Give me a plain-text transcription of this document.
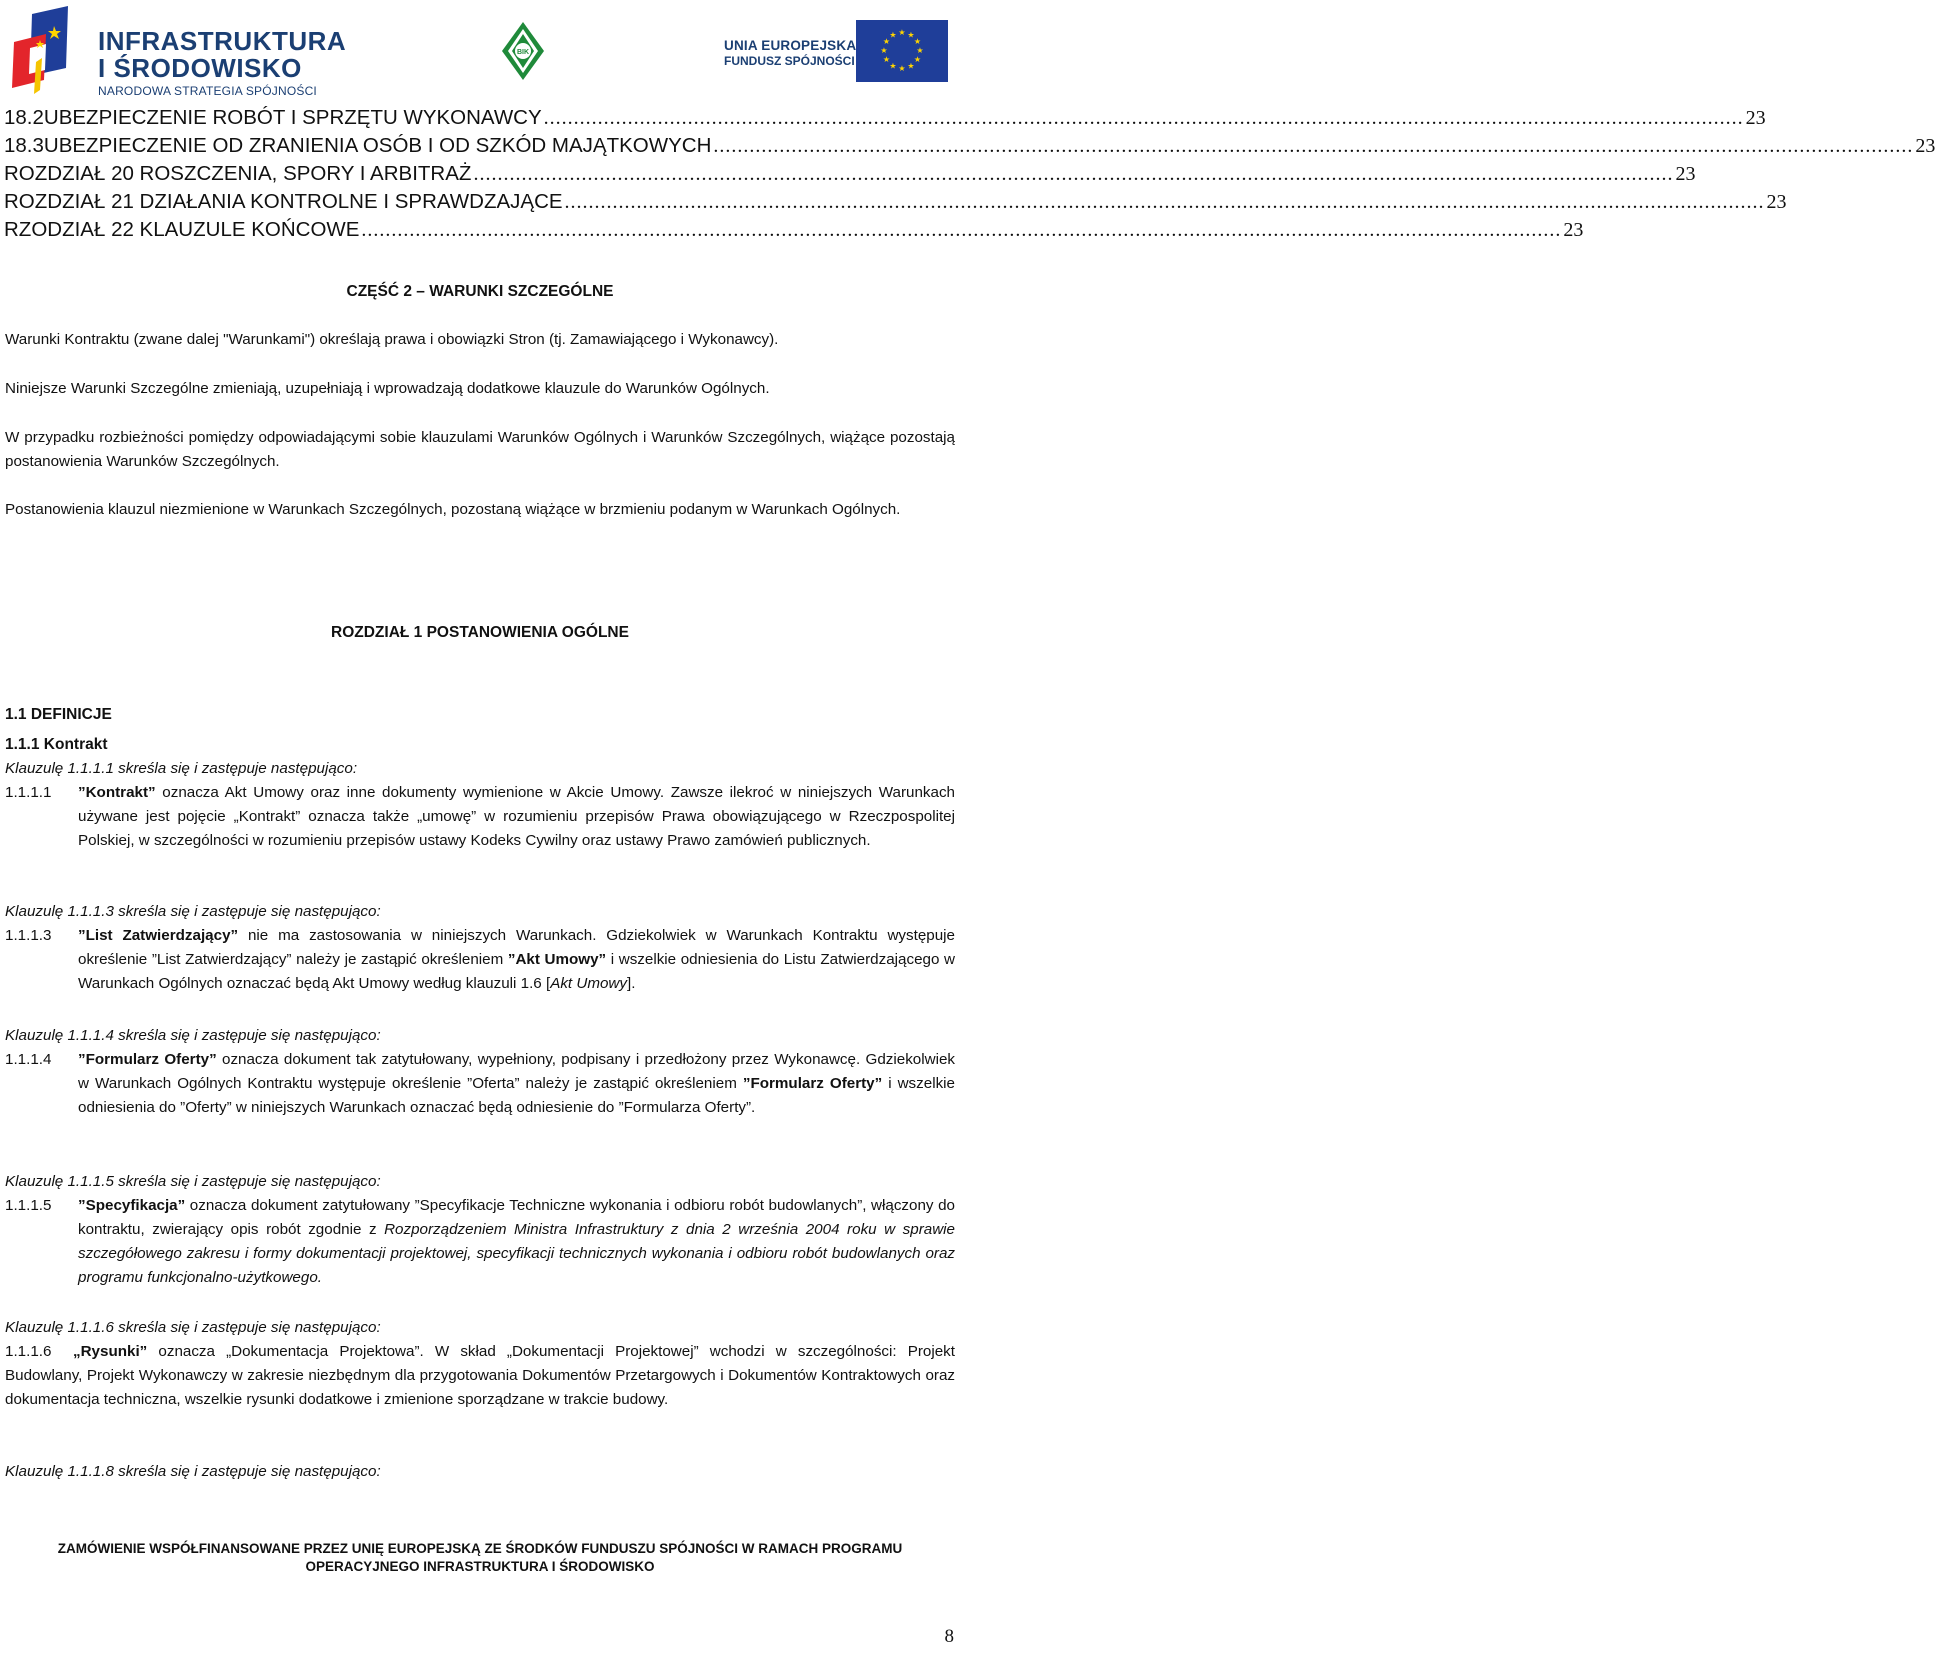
INFRASTRUKTURA
I ŚRODOWISKO
NARODOWA STRATEGIA SPÓJNOŚCI
BIK	UNIA EUROPEJSKA
FUNDUSZ SPÓJNOŚCI
★ ★
★
★
★
★
★
★
★
★
★
★
18.2 UBEZPIECZENIE ROBÓT I SPRZĘTU WYKONAWCY ........................................................................................................................................................................................................ 23
18.3 UBEZPIECZENIE OD ZRANIENIA OSÓB I OD SZKÓD MAJĄTKOWYCH ........................................................................................................................................................................................................ 23
ROZDZIAŁ 20 ROSZCZENIA, SPORY I ARBITRAŻ ........................................................................................................................................................................................................ 23
ROZDZIAŁ 21 DZIAŁANIA KONTROLNE I SPRAWDZAJĄCE ........................................................................................................................................................................................................ 23
RZODZIAŁ 22 KLAUZULE KOŃCOWE ........................................................................................................................................................................................................ 23
CZĘŚĆ 2 – WARUNKI SZCZEGÓLNE
Warunki Kontraktu (zwane dalej "Warunkami") określają prawa i obowiązki Stron (tj. Zamawiającego i Wykonawcy).
Niniejsze Warunki Szczególne zmieniają, uzupełniają i wprowadzają dodatkowe klauzule do Warunków Ogólnych.
W przypadku rozbieżności pomiędzy odpowiadającymi sobie klauzulami Warunków Ogólnych i Warunków Szczególnych, wiążące pozostają postanowienia Warunków Szczególnych.
Postanowienia klauzul niezmienione w Warunkach Szczególnych, pozostaną wiążące w brzmieniu podanym w Warunkach Ogólnych.
ROZDZIAŁ 1 POSTANOWIENIA OGÓLNE
1.1 DEFINICJE
1.1.1 Kontrakt
Klauzulę 1.1.1.1 skreśla się i zastępuje następująco:
1.1.1.1 ”Kontrakt” oznacza Akt Umowy oraz inne dokumenty wymienione w Akcie Umowy. Zawsze ilekroć w niniejszych Warunkach używane jest pojęcie „Kontrakt” oznacza także „umowę” w rozumieniu przepisów Prawa obowiązującego w Rzeczpospolitej Polskiej, w szczególności w rozumieniu przepisów ustawy Kodeks Cywilny oraz ustawy Prawo zamówień publicznych.
Klauzulę 1.1.1.3 skreśla się i zastępuje się następująco:
1.1.1.3 ”List Zatwierdzający” nie ma zastosowania w niniejszych Warunkach. Gdziekolwiek w Warunkach Kontraktu występuje określenie ”List Zatwierdzający” należy je zastąpić określeniem ”Akt Umowy” i wszelkie odniesienia do Listu Zatwierdzającego w Warunkach Ogólnych oznaczać będą Akt Umowy według klauzuli 1.6 [Akt Umowy].
Klauzulę 1.1.1.4 skreśla się i zastępuje się następująco:
1.1.1.4 ”Formularz Oferty” oznacza dokument tak zatytułowany, wypełniony, podpisany i przedłożony przez Wykonawcę. Gdziekolwiek w Warunkach Ogólnych Kontraktu występuje określenie ”Oferta” należy je zastąpić określeniem ”Formularz Oferty” i wszelkie odniesienia do ”Oferty” w niniejszych Warunkach oznaczać będą odniesienie do ”Formularza Oferty”.
Klauzulę 1.1.1.5 skreśla się i zastępuje się następująco:
1.1.1.5 ”Specyfikacja” oznacza dokument zatytułowany ”Specyfikacje Techniczne wykonania i odbioru robót budowlanych”, włączony do kontraktu, zwierający opis robót zgodnie z Rozporządzeniem Ministra Infrastruktury z dnia 2 września 2004 roku w sprawie szczegółowego zakresu i formy dokumentacji projektowej, specyfikacji technicznych wykonania i odbioru robót budowlanych oraz programu funkcjonalno-użytkowego.
Klauzulę 1.1.1.6 skreśla się i zastępuje się następująco:
1.1.1.6 „Rysunki” oznacza „Dokumentacja Projektowa”. W skład „Dokumentacji Projektowej” wchodzi w szczególności: Projekt Budowlany, Projekt Wykonawczy w zakresie niezbędnym dla przygotowania Dokumentów Przetargowych i Dokumentów Kontraktowych oraz dokumentacja techniczna, wszelkie rysunki dodatkowe i zmienione sporządzane w trakcie budowy.
Klauzulę 1.1.1.8 skreśla się i zastępuje się następująco:
ZAMÓWIENIE WSPÓŁFINANSOWANE PRZEZ UNIĘ EUROPEJSKĄ ZE ŚRODKÓW FUNDUSZU SPÓJNOŚCI W RAMACH PROGRAMU
OPERACYJNEGO INFRASTRUKTURA I ŚRODOWISKO
8
